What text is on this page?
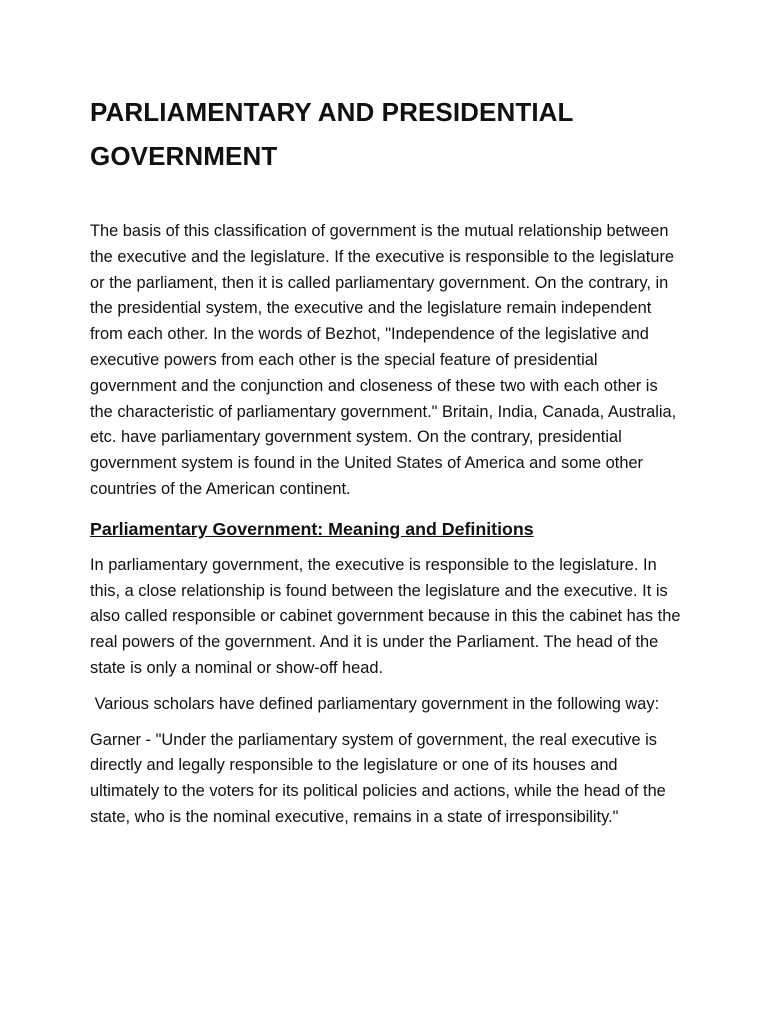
PARLIAMENTARY AND PRESIDENTIAL GOVERNMENT

The basis of this classification of government is the mutual relationship between the executive and the legislature. If the executive is responsible to the legislature or the parliament, then it is called parliamentary government. On the contrary, in the presidential system, the executive and the legislature remain independent from each other. In the words of Bezhot, "Independence of the legislative and executive powers from each other is the special feature of presidential government and the conjunction and closeness of these two with each other is the characteristic of parliamentary government." Britain, India, Canada, Australia, etc. have parliamentary government system. On the contrary, presidential government system is found in the United States of America and some other countries of the American continent.

Parliamentary Government: Meaning and Definitions

In parliamentary government, the executive is responsible to the legislature. In this, a close relationship is found between the legislature and the executive. It is also called responsible or cabinet government because in this the cabinet has the real powers of the government. And it is under the Parliament. The head of the state is only a nominal or show-off head.

Various scholars have defined parliamentary government in the following way:

Garner - "Under the parliamentary system of government, the real executive is directly and legally responsible to the legislature or one of its houses and ultimately to the voters for its political policies and actions, while the head of the state, who is the nominal executive, remains in a state of irresponsibility."
